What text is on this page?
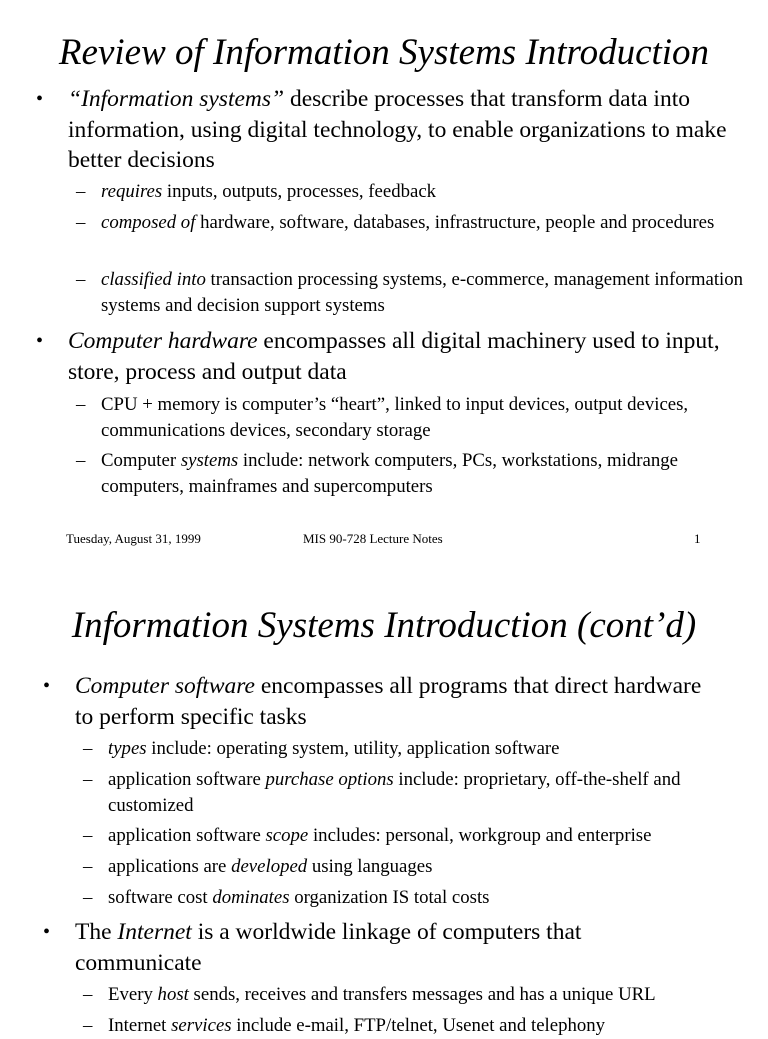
Review of Information Systems Introduction
• “Information systems” describe processes that transform data into information, using digital technology, to enable organizations to make better decisions
– requires inputs, outputs, processes, feedback
– composed of hardware, software, databases, infrastructure, people and procedures
– classified into transaction processing systems, e-commerce, management information systems and decision support systems
• Computer hardware encompasses all digital machinery used to input, store, process and output data
– CPU + memory is computer’s “heart”, linked to input devices, output devices, communications devices, secondary storage
– Computer systems include: network computers, PCs, workstations, midrange computers, mainframes and supercomputers
Tuesday, August 31, 1999	MIS 90-728 Lecture Notes	1
Information Systems Introduction (cont’d)
• Computer software encompasses all programs that direct hardware to perform specific tasks
– types include: operating system, utility, application software
– application software purchase options include: proprietary, off-the-shelf and customized
– application software scope includes: personal, workgroup and enterprise
– applications are developed using languages
– software cost dominates organization IS total costs
• The Internet is a worldwide linkage of computers that communicate
– Every host sends, receives and transfers messages and has a unique URL
– Internet services include e-mail, FTP/telnet, Usenet and telephony
